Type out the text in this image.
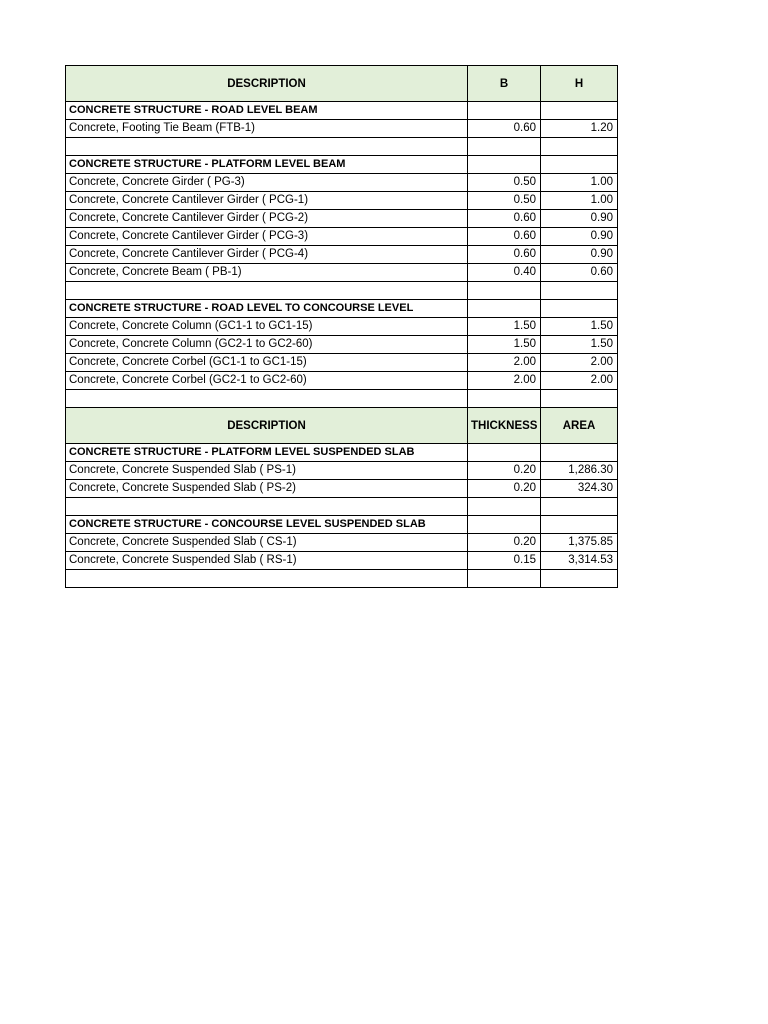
DESCRIPTION	B	H
CONCRETE STRUCTURE - ROAD LEVEL BEAM		
Concrete, Footing Tie Beam (FTB-1)	0.60	1.20

CONCRETE STRUCTURE - PLATFORM LEVEL BEAM		
Concrete, Concrete Girder ( PG-3)	0.50	1.00
Concrete, Concrete Cantilever Girder ( PCG-1)	0.50	1.00
Concrete, Concrete Cantilever Girder ( PCG-2)	0.60	0.90
Concrete, Concrete Cantilever Girder ( PCG-3)	0.60	0.90
Concrete, Concrete Cantilever Girder ( PCG-4)	0.60	0.90
Concrete, Concrete Beam ( PB-1)	0.40	0.60

CONCRETE STRUCTURE - ROAD LEVEL TO CONCOURSE LEVEL		
Concrete, Concrete Column (GC1-1 to GC1-15)	1.50	1.50
Concrete, Concrete Column (GC2-1 to GC2-60)	1.50	1.50
Concrete, Concrete Corbel (GC1-1 to GC1-15)	2.00	2.00
Concrete, Concrete Corbel (GC2-1 to GC2-60)	2.00	2.00

DESCRIPTION	THICKNESS	AREA
CONCRETE STRUCTURE - PLATFORM LEVEL SUSPENDED SLAB		
Concrete, Concrete Suspended Slab ( PS-1)	0.20	1,286.30
Concrete, Concrete Suspended Slab ( PS-2)	0.20	324.30

CONCRETE STRUCTURE - CONCOURSE LEVEL SUSPENDED SLAB		
Concrete, Concrete Suspended Slab ( CS-1)	0.20	1,375.85
Concrete, Concrete Suspended Slab ( RS-1)	0.15	3,314.53
